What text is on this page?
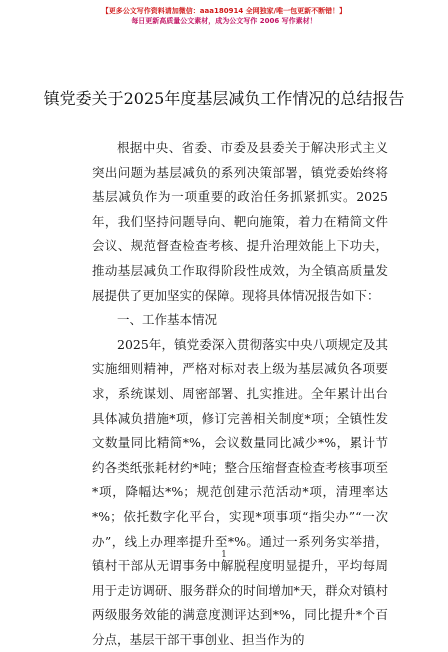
【更多公文写作资料请加微信：aaa180914 全网独家/唯一包更新不断错！】
每日更新高质量公文素材，成为公文写作 2006 写作素材！
镇党委关于2025年度基层减负工作情况的总结报告

根据中央、省委、市委及县委关于解决形式主义突出问题为基层减负的系列决策部署，镇党委始终将基层减负作为一项重要的政治任务抓紧抓实。2025年，我们坚持问题导向、靶向施策，着力在精简文件会议、规范督查检查考核、提升治理效能上下功夫，推动基层减负工作取得阶段性成效，为全镇高质量发展提供了更加坚实的保障。现将具体情况报告如下：

一、工作基本情况

2025年，镇党委深入贯彻落实中央八项规定及其实施细则精神，严格对标对表上级为基层减负各项要求，系统谋划、周密部署、扎实推进。全年累计出台具体减负措施*项，修订完善相关制度*项；全镇性发文数量同比精简*%，会议数量同比减少*%，累计节约各类纸张耗材约*吨；整合压缩督查检查考核事项至*项，降幅达*%；规范创建示范活动*项，清理率达*%；依托数字化平台，实现*项事项“指尖办”“一次办”，线上办理率提升至*%。通过一系列务实举措，镇村干部从无谓事务中解脱程度明显提升，平均每周用于走访调研、服务群众的时间增加*天，群众对镇村两级服务效能的满意度测评达到*%，同比提升*个百分点，基层干部干事创业、担当作为的

1
